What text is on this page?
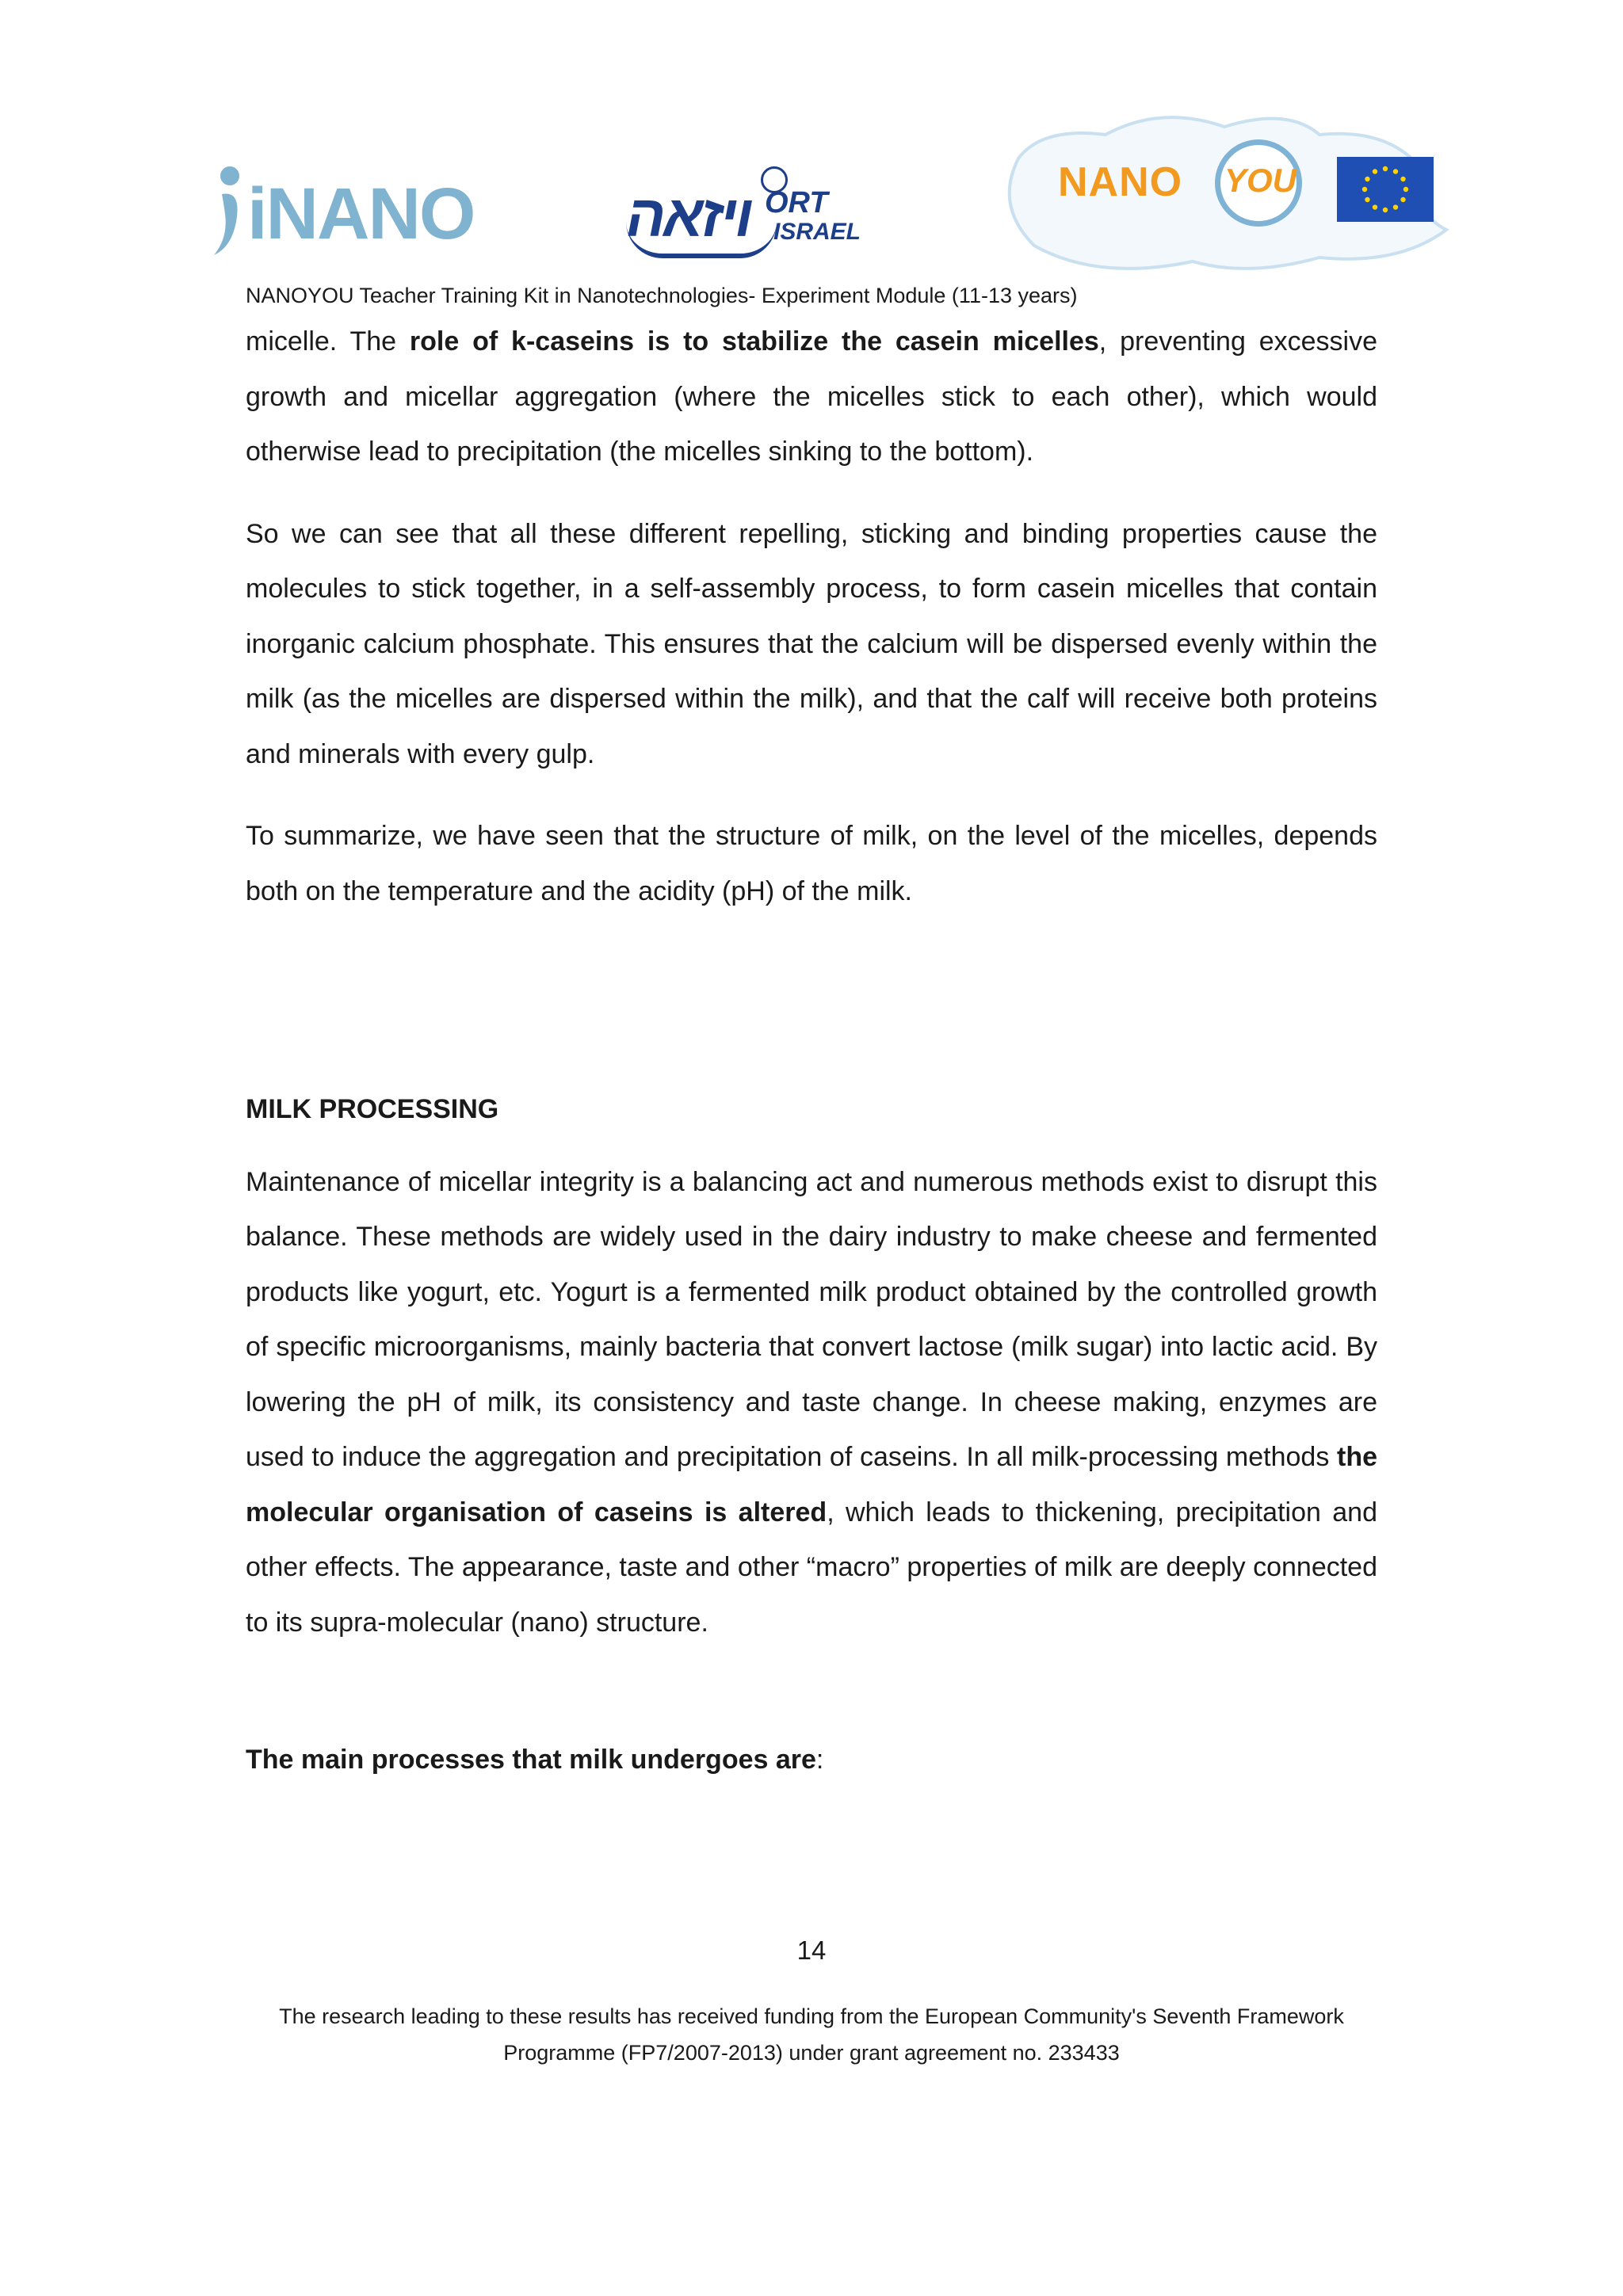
iNANO	ויזאה ORT
ISRAEL
NANO YOU
NANOYOU Teacher Training Kit in Nanotechnologies- Experiment Module (11-13 years)

micelle. The role of k-caseins is to stabilize the casein micelles, preventing excessive growth and micellar aggregation (where the micelles stick to each other), which would otherwise lead to precipitation (the micelles sinking to the bottom).

So we can see that all these different repelling, sticking and binding properties cause the molecules to stick together, in a self-assembly process, to form casein micelles that contain inorganic calcium phosphate. This ensures that the calcium will be dispersed evenly within the milk (as the micelles are dispersed within the milk), and that the calf will receive both proteins and minerals with every gulp.

To summarize, we have seen that the structure of milk, on the level of the micelles, depends both on the temperature and the acidity (pH) of the milk.

MILK PROCESSING

Maintenance of micellar integrity is a balancing act and numerous methods exist to disrupt this balance. These methods are widely used in the dairy industry to make cheese and fermented products like yogurt, etc. Yogurt is a fermented milk product obtained by the controlled growth of specific microorganisms, mainly bacteria that convert lactose (milk sugar) into lactic acid. By lowering the pH of milk, its consistency and taste change. In cheese making, enzymes are used to induce the aggregation and precipitation of caseins. In all milk-processing methods the molecular organisation of caseins is altered, which leads to thickening, precipitation and other effects. The appearance, taste and other “macro” properties of milk are deeply connected to its supra-molecular (nano) structure.

The main processes that milk undergoes are:

14
The research leading to these results has received funding from the European Community's Seventh Framework
Programme (FP7/2007-2013) under grant agreement no. 233433
